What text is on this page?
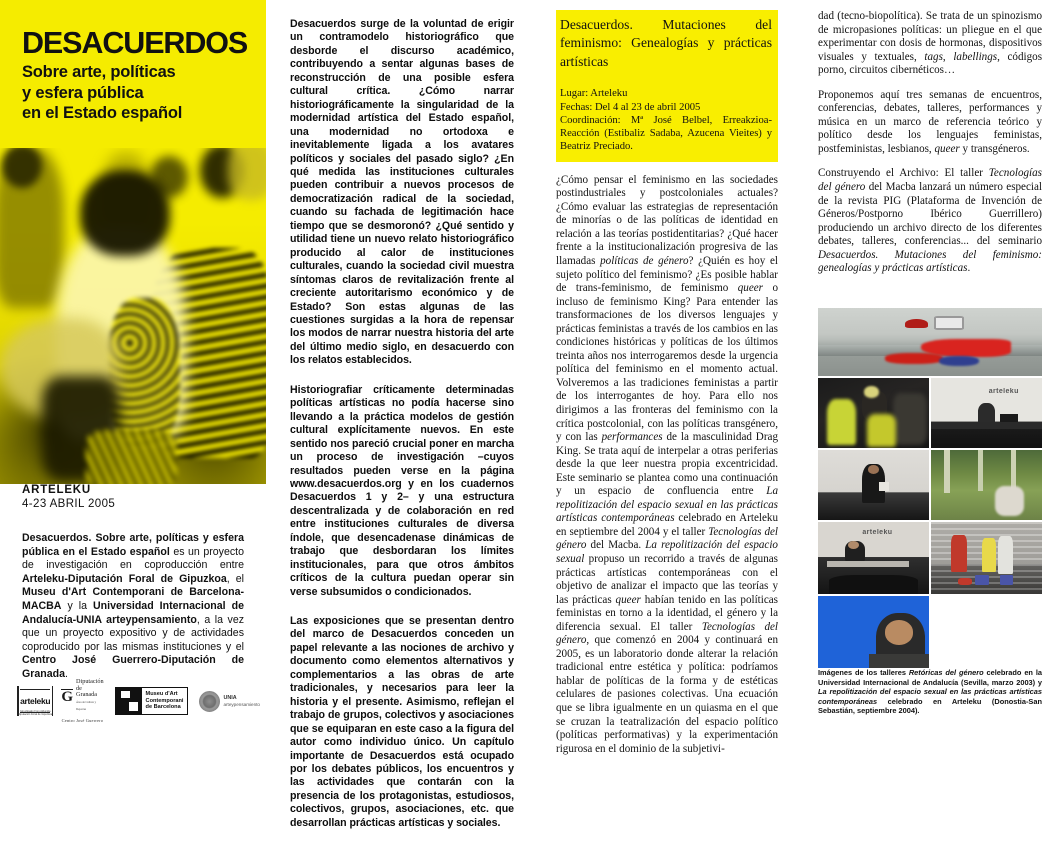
DESACUERDOS
Sobre arte, políticas
y esfera pública
en el Estado español
ARTELEKU
4-23 ABRIL 2005
Desacuerdos. Sobre arte, políticas y esfera pública en el Estado español es un proyecto de investigación en coproducción entre Arteleku-Diputación Foral de Gipuzkoa, el Museu d'Art Contemporani de Barcelona-MACBA y la Universidad Internacional de Andalucía-UNIA arteypensamiento, a la vez que un proyecto expositivo y de actividades coproducido por las mismas instituciones y el Centro José Guerrero-Diputación de Granada.
arteleku
Gipuzkoako Foru Aldundia
Diputación Foral de Gipuzkoa
G
Diputación
de Granada Área de Cultura y Deportes
Centro José Guerrero
Museu d'Art
Contemporani
de Barcelona
UNIA
arteypensamiento

Desacuerdos surge de la voluntad de erigir un contramodelo historiográfico que desborde el discurso académico, contribuyendo a sentar algunas bases de reconstrucción de una posible esfera cultural crítica. ¿Cómo narrar historiográficamente la singularidad de la modernidad artística del Estado español, una modernidad no ortodoxa e inevitablemente ligada a los avatares políticos y sociales del pasado siglo? ¿En qué medida las instituciones culturales pueden contribuir a nuevos procesos de democratización radical de la sociedad, cuando su fachada de legitimación hace tiempo que se desmoronó? ¿Qué sentido y utilidad tiene un nuevo relato historiográfico producido al calor de instituciones culturales, cuando la sociedad civil muestra síntomas claros de revitalización frente al creciente autoritarismo económico y de Estado? Son estas algunas de las cuestiones surgidas a la hora de repensar los modos de narrar nuestra historia del arte del último medio siglo, en desacuerdo con los relatos establecidos.

Historiografiar críticamente determinadas políticas artísticas no podía hacerse sino llevando a la práctica modelos de gestión cultural explícitamente nuevos. En este sentido nos pareció crucial poner en marcha un proceso de investigación –cuyos resultados pueden verse en la página www.desacuerdos.org y en los cuadernos Desacuerdos 1 y 2– y una estructura descentralizada y de colaboración en red entre instituciones culturales de diversa índole, que desencadenase dinámicas de trabajo que desbordaran los límites institucionales, para que otros ámbitos críticos de la cultura puedan operar sin verse subsumidos o condicionados.

Las exposiciones que se presentan dentro del marco de Desacuerdos conceden un papel relevante a las nociones de archivo y documento como elementos alternativos y complementarios a las obras de arte tradicionales, y necesarios para leer la historia y el presente. Asimismo, reflejan el trabajo de grupos, colectivos y asociaciones que se equiparan en este caso a la figura del autor como individuo único. Un capítulo importante de Desacuerdos está ocupado por los debates públicos, los encuentros y las actividades que contarán con la presencia de los protagonistas, estudiosos, colectivos, grupos, asociaciones, etc. que desarrollan prácticas artísticas y sociales.

Desacuerdos. Mutaciones del feminismo: Genealogías y prácticas artísticas
Lugar: Arteleku
Fechas: Del 4 al 23 de abril 2005
Coordinación: Mª José Belbel, Erreakzioa-Reacción (Estibaliz Sadaba, Azucena Vieites) y Beatriz Preciado.

¿Cómo pensar el feminismo en las sociedades postindustriales y postcoloniales actuales? ¿Cómo evaluar las estrategias de representación de minorías o de las políticas de identidad en relación a las teorías postidentitarias? ¿Qué hacer frente a la institucionalización progresiva de las llamadas políticas de género? ¿Quién es hoy el sujeto político del feminismo? ¿Es posible hablar de trans-feminismo, de feminismo queer o incluso de feminismo King? Para entender las transformaciones de los diversos lenguajes y prácticas feministas a través de los cambios en las condiciones históricas y políticas de los últimos treinta años nos interrogaremos desde la urgencia política del feminismo en el momento actual. Volveremos a las tradiciones feministas a partir de los interrogantes de hoy. Para ello nos dirigimos a las fronteras del feminismo con la crítica postcolonial, con las políticas transgénero, y con las performances de la masculinidad Drag King. Se trata aquí de interpelar a otras periferias desde la que leer nuestra propia excentricidad. Este seminario se plantea como una continuación y un espacio de confluencia entre La repolitización del espacio sexual en las prácticas artísticas contemporáneas celebrado en Arteleku en septiembre del 2004 y el taller Tecnologías del género del Macba. La repolitización del espacio sexual propuso un recorrido a través de algunas prácticas artísticas contemporáneas con el objetivo de analizar el impacto que las teorías y las prácticas queer habían tenido en las políticas feministas en torno a la identidad, el género y la diferencia sexual. El taller Tecnologías del género, que comenzó en 2004 y continuará en 2005, es un laboratorio donde alterar la relación tradicional entre estética y política: podríamos hablar de políticas de la forma y de estéticas celulares de pasiones colectivas. Una ecuación que se libra igualmente en un quiasma en el que se cruzan la teatralización del espacio político (políticas performativas) y la experimentación rigurosa en el dominio de la subjetivi-

dad (tecno-biopolítica). Se trata de un spinozismo de micropasiones políticas: un pliegue en el que experimentar con dosis de hormonas, dispositivos visuales y textuales, tags, labellings, códigos porno, circuitos cibernéticos…

Proponemos aquí tres semanas de encuentros, conferencias, debates, talleres, performances y música en un marco de referencia teórico y político desde los lenguajes feministas, postfeministas, lesbianos, queer y transgéneros.

Construyendo el Archivo: El taller Tecnologías del género del Macba lanzará un número especial de la revista PIG (Plataforma de Invención de Géneros/Postporno Ibérico Guerrillero) produciendo un archivo directo de los diferentes debates, talleres, conferencias... del seminario Desacuerdos. Mutaciones del feminismo: genealogías y prácticas artísticas.

arteleku
arteleku
Imágenes de los talleres Retóricas del género celebrado en la Universidad Internacional de Andalucía (Sevilla, marzo 2003) y La repolitización del espacio sexual en las prácticas artísticas contemporáneas celebrado en Arteleku (Donostia-San Sebastián, septiembre 2004).
